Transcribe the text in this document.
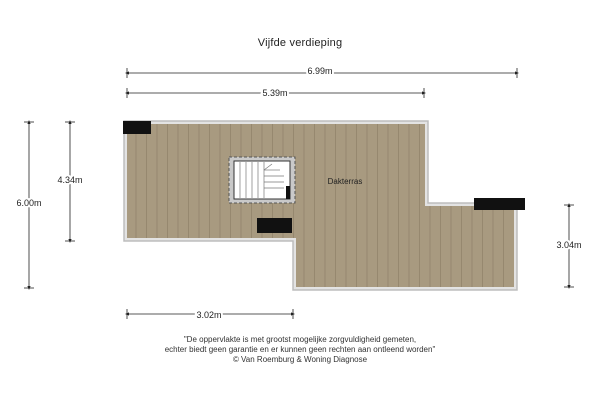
Vijfde verdieping
Dakterras
6.99m
5.39m
3.02m
6.00m
4.34m
3.04m
"De oppervlakte is met grootst mogelijke zorgvuldigheid gemeten,
echter biedt geen garantie en er kunnen geen rechten aan ontleend worden"
© Van Roemburg & Woning Diagnose
